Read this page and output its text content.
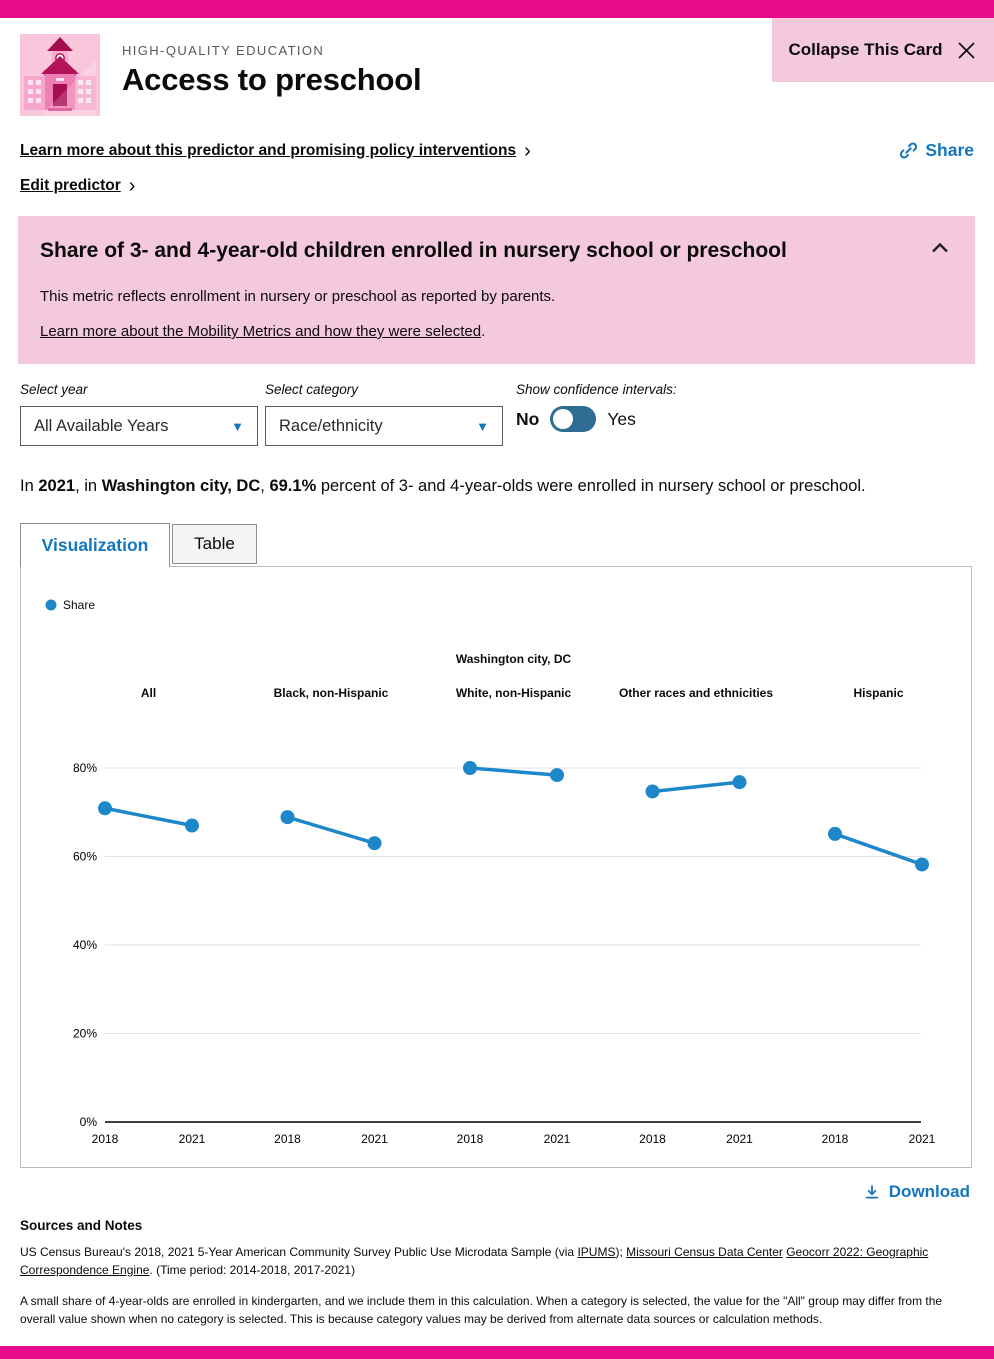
HIGH-QUALITY EDUCATION
Access to preschool
Collapse This Card
Learn more about this predictor and promising policy interventions ›	Share
Edit predictor ›
Share of 3- and 4-year-old children enrolled in nursery school or preschool

This metric reflects enrollment in nursery or preschool as reported by parents.

Learn more about the Mobility Metrics and how they were selected.

Select year
All Available Years	▼
Select category
Race/ethnicity	▼
Show confidence intervals:
No	Yes

In 2021, in Washington city, DC, 69.1% percent of 3- and 4-year-olds were enrolled in nursery school or preschool.

Visualization	Table
0%
20%
40%
60%
80%
Share
All
2018	2021
Black, non-Hispanic
2018	2021
Washington city, DC
White, non-Hispanic
2018	2021
Other races and ethnicities
2018	2021
Hispanic
2018	2021
Download
Sources and Notes

US Census Bureau's 2018, 2021 5-Year American Community Survey Public Use Microdata Sample (via IPUMS); Missouri Census Data Center Geocorr 2022: Geographic Correspondence Engine. (Time period: 2014-2018, 2017-2021)

A small share of 4-year-olds are enrolled in kindergarten, and we include them in this calculation. When a category is selected, the value for the "All" group may differ from the overall value shown when no category is selected. This is because category values may be derived from alternate data sources or calculation methods.
